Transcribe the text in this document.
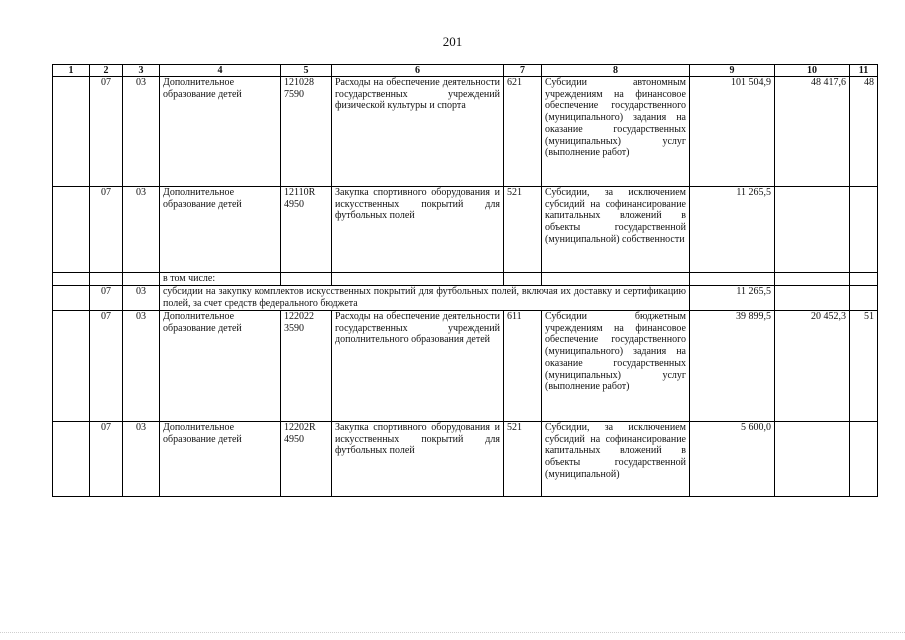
201
1	2	3	4	5	6	7	8	9	10	11
	07	03	Дополнительное образование детей	121028 7590	Расходы на обеспечение деятельности государственных учреждений физической культуры и спорта	621	Субсидии автономным учреждениям на финансовое обеспечение государственного (муниципального) задания на оказание государственных (муниципальных) услуг (выполнение работ)	101 504,9	48 417,6	48
	07	03	Дополнительное образование детей	12110R 4950	Закупка спортивного оборудования и искусственных покрытий для футбольных полей	521	Субсидии, за исключением субсидий на софинансирование капитальных вложений в объекты государственной (муниципальной) собственности	11 265,5		
			в том числе:							
	07	03	субсидии на закупку комплектов искусственных покрытий для футбольных полей, включая их доставку и сертификацию полей, за счет средств федерального бюджета					11 265,5		
	07	03	Дополнительное образование детей	122022 3590	Расходы на обеспечение деятельности государственных учреждений дополнительного образования детей	611	Субсидии бюджетным учреждениям на финансовое обеспечение государственного (муниципального) задания на оказание государственных (муниципальных) услуг (выполнение работ)	39 899,5	20 452,3	51
	07	03	Дополнительное образование детей	12202R 4950	Закупка спортивного оборудования и искусственных покрытий для футбольных полей	521	Субсидии, за исключением субсидий на софинансирование капитальных вложений в объекты государственной (муниципальной)	5 600,0		
